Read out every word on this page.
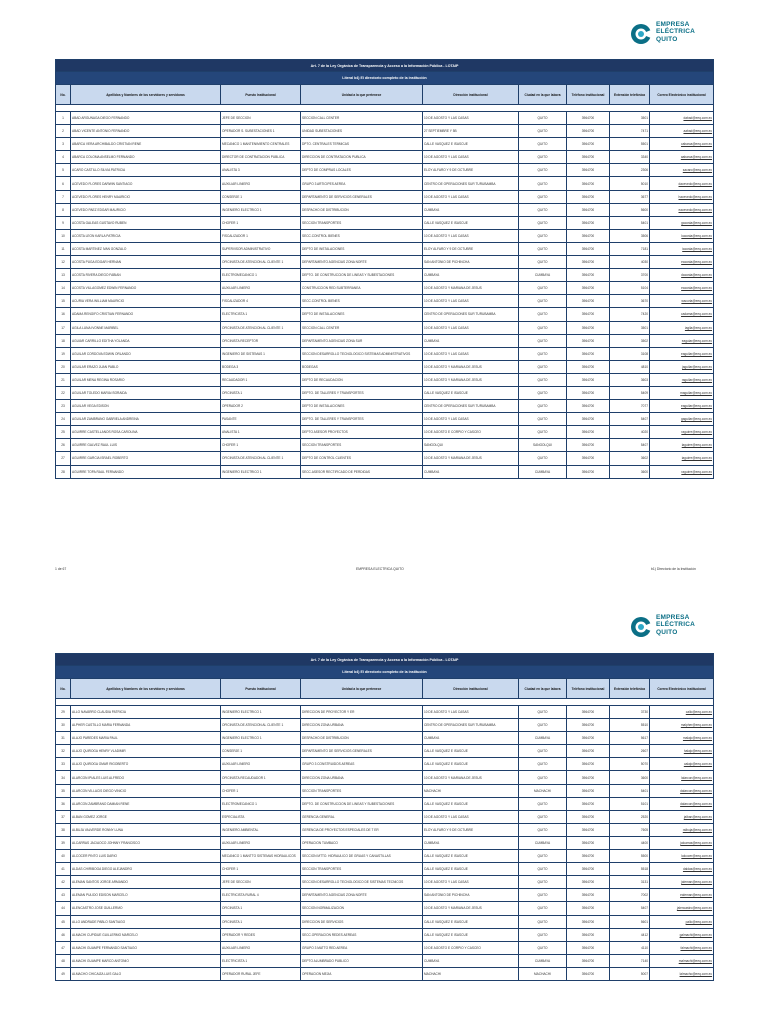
EMPRESA
ELÉCTRICA
QUITO
Art. 7 de la Ley Orgánica de Transparencia y Acceso a la Información Pública - LOTAIP								
Literal b4) El directorio completo de la institución								
No.	Apellidos y Nombres de los servidores y servidoras	Puesto Institucional	Unidad a la que pertenece	Dirección institucional	Ciudad en la que labora	Teléfono institucional	Extensión telefónica	Correo Electrónico institucional

1	ABAD ARGUNAGA DIEGO FERNANDO	JEFE DE SECCION	SECCION CALL CENTER	10 DE AGOSTO Y LAS CASAS	QUITO	3964700	3501	dabad@eeq.com.ec
2	ABAD VICENTE ANTONIO FERNANDO	OPERADOR S. SUBESTACIONES 1	UNIDAD SUBESTACIONES	27 SEPTIEMBRE Y 5B	QUITO	3964700	7471	aabad@eeq.com.ec
3	ABARCA VERA ARCHIBALDO CRISTIAN RENE	MECANICO 1 MANTENIMIENTO CENTRALES	DPTO. CENTRALES TERMICAS	CALLE VASQUEZ E ISASCUE	QUITO	3964700	5501	cabarca@eeq.com.ec
4	ABARCA COLOMA ANSELMO FERNANDO	DIRECTOR DE CONTRATACION PUBLICA	DIRECCION DE CONTRATACION PUBLICA	10 DE AGOSTO Y LAS CASAS	QUITO	3964700	3340	aabarca@eeq.com.ec
5	ACARO CASTILLO SILVIA PATRICIA	ANALISTA 3	DEPTO DE COMPRAS LOCALES	ELOY ALFARO Y 9 DE OCTUBRE	QUITO	3964700	2306	sacaro@eeq.com.ec
6	ACEVEDO FLORES DARWIN SANTIAGO	AUXILIAR LINIERO	GRUPO 3 ARTICIPES AEREA	CENTRO DE OPERACIONES SUR TURUBAMBA	QUITO	3964700	5010	dacevedo@eeq.com.ec
7	ACEVEDO FLORES HENRY MAURICIO	CONSERJE 1	DEPARTAMENTO DE SERVICIOS GENERALES	10 DE AGOSTO Y LAS CASAS	QUITO	3964700	3677	hacevedo@eeq.com.ec
8	ACEVEDO PAEZ EDGAR MAURICIO	INGENIERO ELECTRICO 1	DESPACHO DE DISTRIBUCION	CUMBAYA	QUITO	3964700	5600	eacevedo@eeq.com.ec
9	ACOSTA GALEAS GUSTAVO RUBEN	CHOFER 1	SECCION TRANSPORTES	CALLE VASQUEZ E ISASCUE	QUITO	3964700	5401	gacosta@eeq.com.ec
10	ACOSTA LEON KARLA PATRICIA	FISCALIZADOR 1	SECC.CONTROL BIENES	10 DE AGOSTO Y LAS CASAS	QUITO	3964700	3506	kacosta@eeq.com.ec
11	ACOSTA MARTINEZ IVAN GONZALO	SUPERVISOR ADMINISTRATIVO	DEPTO DE INSTALACIONES	ELOY ALFARO Y 9 DE OCTUBRE	QUITO	3964700	7181	iacosta@eeq.com.ec
12	ACOSTA PUGA EDGAR HERNAN	OFICINISTA DE ATENCION AL CLIENTE 1	DEPARTAMENTO AGENCIAS ZONA NORTE	SAN ANTONIO DE PICHINCHA	QUITO	3964700	4030	eacosta@eeq.com.ec
13	ACOSTA RIVERA DIEGO FABIAN	ELECTROMECANICO 1	DEPTO. DE CONSTRUCCION DE LINEAS Y SUBESTACIONES	CUMBAYA	CUMBAYA	3964700	3700	dacosta@eeq.com.ec
14	ACOSTA VILLAGOMEZ EDWIN FERNANDO	AUXILIAR LINIERO	CONSTRUCCION RED SUBTERRANEA	10 DE AGOSTO Y MARIANA DE JESUS	QUITO	3964700	5104	eacosta@eeq.com.ec
15	ACURIA VERA WILLIAM MAURICIO	FISCALIZADOR 4	SECC.CONTROL BIENES	10 DE AGOSTO Y LAS CASAS	QUITO	3964700	3670	wacuria@eeq.com.ec
16	ADAMA RENGIFO CRISTIAN FERNANDO	ELECTRICISTA 1	DEPTO DE INSTALACIONES	CENTRO DE OPERACIONES SUR TURUBAMBA	QUITO	3964700	7420	cadama@eeq.com.ec
17	AGILA LUNA IVONNE MARIBEL	OFICINISTA DE ATENCION AL CLIENTE 1	SECCION CALL CENTER	10 DE AGOSTO Y LAS CASAS	QUITO	3964700	3501	iagila@eeq.com.ec
18	AGUIAR CARRILLO EDITHA YOLANDA	OFICINISTA RECEPTOR	DEPARTAMENTO AGENCIAS ZONA SUR	CUMBAYA	QUITO	3964700	3502	eaguiar@eeq.com.ec
19	AGUILAR CORDOVA EDWIN ORLANDO	INGENIERO DE SISTEMAS 1	SECCION DESARROLLO TECNOLOGICO SISTEMAS ADMINISTRATIVOS	10 DE AGOSTO Y LAS CASAS	QUITO	3964700	3108	eaguilar@eeq.com.ec
20	AGUILAR ERAZO JUAN PABLO	BODEGA 3	BODEGAS	10 DE AGOSTO Y MARIANA DE JESUS	QUITO	3964700	4810	jaguilar@eeq.com.ec
21	AGUILAR MENA REGINA ROSARIO	RECAUDADOR 1	DEPTO DE RECAUDACION	10 DE AGOSTO Y MARIANA DE JESUS	QUITO	3964700	3603	raguilar@eeq.com.ec
22	AGUILAR TOLEDO MARIA ISORAIDA	OFICINISTA 1	DEPTO. DE TALLERES Y TRANSPORTES	CALLE VASQUEZ E ISASCUE	QUITO	3964700	5409	maguilar@eeq.com.ec
23	AGUILAR VEGA EDISON	OPERADOR 2	DEPTO DE INSTALACIONES	CENTRO DE OPERACIONES SUR TURUBAMBA	QUITO	3964700	7077	eaguilar@eeq.com.ec
24	AGUILAR ZAMBRANO GABRIELA ANDREINA	PASANTE	DEPTO. DE TALLERES Y TRANSPORTES	10 DE AGOSTO Y LAS CASAS	QUITO	3964700	5407	gaguilar@eeq.com.ec
25	AGUIRRE CASTELLANOS ROSA CAROLINA	ANALISTA 1	DEPTO ASESOR PROYECTOS	10 DE AGOSTO E CORPIO Y CASCEO	QUITO	3964700	4020	raguirre@eeq.com.ec
26	AGUIRRE GALVEZ RAUL LUIS	CHOFER 1	SECCION TRANSPORTES	SANGOLQUI	SANGOLQUI	3964700	5407	laguirre@eeq.com.ec
27	AGUIRRE GARCIA ISRAEL ROBERTO	OFICINISTA DE ATENCION AL CLIENTE 1	DEPTO DE CONTROL CLIENTES	10 DE AGOSTO Y MARIANA DE JESUS	QUITO	3964700	3602	iaguirre@eeq.com.ec
28	AGUIRRE TOPA RAUL FERNANDO	INGENIERO ELECTRICO 1	SECC.ASESOR RECTIFICADO DE PERDIDAS	CUMBAYA	CUMBAYA	3964700	3600	raguirre@eeq.com.ec
1 de 67	EMPRESA ELECTRICA QUITO	b1) Directorio de la Institución
EMPRESA
ELÉCTRICA
QUITO
Art. 7 de la Ley Orgánica de Transparencia y Acceso a la Información Pública - LOTAIP								
Literal b4) El directorio completo de la institución								
No.	Apellidos y Nombres de los servidores y servidoras	Puesto Institucional	Unidad a la que pertenece	Dirección institucional	Ciudad en la que labora	Teléfono institucional	Extensión telefónica	Correo Electrónico institucional

29	ALLO NAVARRO CLAUDIA PATRICIA	INGENIERO ELECTRICO 1	DIRECCION DE PROYECTOR Y ER	10 DE AGOSTO Y LAS CASAS	QUITO	3964700	3730	callo@eeq.com.ec
30	ALPHER CASTILLO MARIA FERNANDA	OFICINISTA DE ATENCION AL CLIENTE 1	DIRECCION ZONA URBANA	CENTRO DE OPERACIONES SUR TURUBAMBA	QUITO	3964700	5510	malpher@eeq.com.ec
31	ALAJO PAREDES MARIA PAUL	INGENIERO ELECTRICO 1	DESPACHO DE DISTRIBUCION	CUMBAYA	CUMBAYA	3964700	5617	malajo@eeq.com.ec
32	ALAJO QUIROGA HENRY VLADIMIR	CONSERJE 1	DEPARTAMENTO DE SERVICIOS GENERALES	CALLE VASQUEZ E ISASCUE	QUITO	3964700	2607	halajo@eeq.com.ec
33	ALAJO QUIROGA OMAR RIGOBERTO	AUXILIAR LINIERO	GRUPO 3 CONSTRUIDOS AEREAS	CALLE VASQUEZ E ISASCUE	QUITO	3964700	5070	oalajo@eeq.com.ec
34	ALARCON IPIALES LUIS ALFREDO	OFICINISTA RECAUDADOR 1	DIRECCION ZONA URBANA	10 DE AGOSTO Y MARIANA DE JESUS	QUITO	3964700	3600	lalarcon@eeq.com.ec
35	ALARCON VILLACIS DIEGO VINICIO	CHOFER 1	SECCION TRANSPORTES	MACHACHI	MACHACHI	3964700	5401	dalarcon@eeq.com.ec
36	ALARCON ZAMBRANO DAMIAN RENE	ELECTROMECANICO 1	DEPTO. DE CONSTRUCCION DE LINEAS Y SUBESTACIONES	CALLE VASQUEZ E ISASCUE	QUITO	3964700	5101	dalarcon@eeq.com.ec
37	ALBAN GOMEZ JORGE	ESPECIALISTA	GERENCIA GENERAL	10 DE AGOSTO Y LAS CASAS	QUITO	3964700	2520	jalban@eeq.com.ec
38	ALBUJA VALVERDE RONNY LUNA	INGENIERO AMBIENTAL	GERENCIA DE PROYECTOS ESPECIALES DE T ER	ELOY ALFARO Y 9 DE OCTUBRE	QUITO	3964700	7605	ralbuja@eeq.com.ec
39	ALCARRAS JACIAOCO JOHNNY FRANCISCO	AUXILIAR LINIERO	OPERACION TUMBACO	CUMBAYA	CUMBAYA	3964700	4400	jalcarras@eeq.com.ec
40	ALCOCER PINTO LUIS DARIO	MECANICO 1 MANTTO SISTEMAS HIDRAULICOS	SECCION MTTO. HIDRAULICO DE GRUAS Y CANASTILLAS	CALLE VASQUEZ E ISASCUE	QUITO	3964700	5500	lalcocer@eeq.com.ec
41	ALDAS CHIRIBOGA DIEGO ALEJANDRO	CHOFER 1	SECCION TRANSPORTES	CALLE VASQUEZ E ISASCUE	QUITO	3964700	5518	daldas@eeq.com.ec
42	ALEMAN SANTOS JORGE ARMANDO	JEFE DE SECCION	SECCION DESARROLLO TECNOLOGICO DE SISTEMAS TECNICOS	10 DE AGOSTO Y LAS CASAS	QUITO	3964700	3131	jaleman@eeq.com.ec
43	ALEMAN PULIDO EDISON MARCELO	ELECTRICISTA RURAL 4	DEPARTAMENTO AGENCIAS ZONA NORTE	SAN ANTONIO DE PICHINCHA	QUITO	3964700	7002	ealeman@eeq.com.ec
44	ALENCASTRO JOSE GUILLERMO	OFICINISTA 1	SECCION NORMALIZACION	10 DE AGOSTO Y MARIANA DE JESUS	QUITO	3964700	5407	jalencastro@eeq.com.ec
45	ALLO ANDRADE PABLO SANTIAGO	OFICINISTA 1	DIRECCION DE SERVICIOS	CALLE VASQUEZ E ISASCUE	QUITO	3964700	5601	pallo@eeq.com.ec
46	ALMACHI CUPIDUE GUILLERMO MARCELO	OPERADOR Y REDES	SECC.OPERACION REDES AEREAS	CALLE VASQUEZ E ISASCUE	QUITO	3964700	4412	galmachi@eeq.com.ec
47	ALMACHI GUAMPE FERNANDO SANTIAGO	AUXILIAR LINIERO	GRUPO 3 MATTO RED AEREA	10 DE AGOSTO E CORPIO Y CASCEO	QUITO	3964700	4110	falmachi@eeq.com.ec
48	ALMACHI GUAMPE MARCO ANTONIO	ELECTRICISTA 1	DEPTO ALUMBRADO PUBLICO	CUMBAYA	CUMBAYA	3964700	7140	malmachi@eeq.com.ec
49	ALMACHO CHICAIZA LUIS GALO	OPERADOR RURAL JEFE	OPERACION MEJIA	MACHACHI	MACHACHI	3964700	5007	lalmacho@eeq.com.ec
